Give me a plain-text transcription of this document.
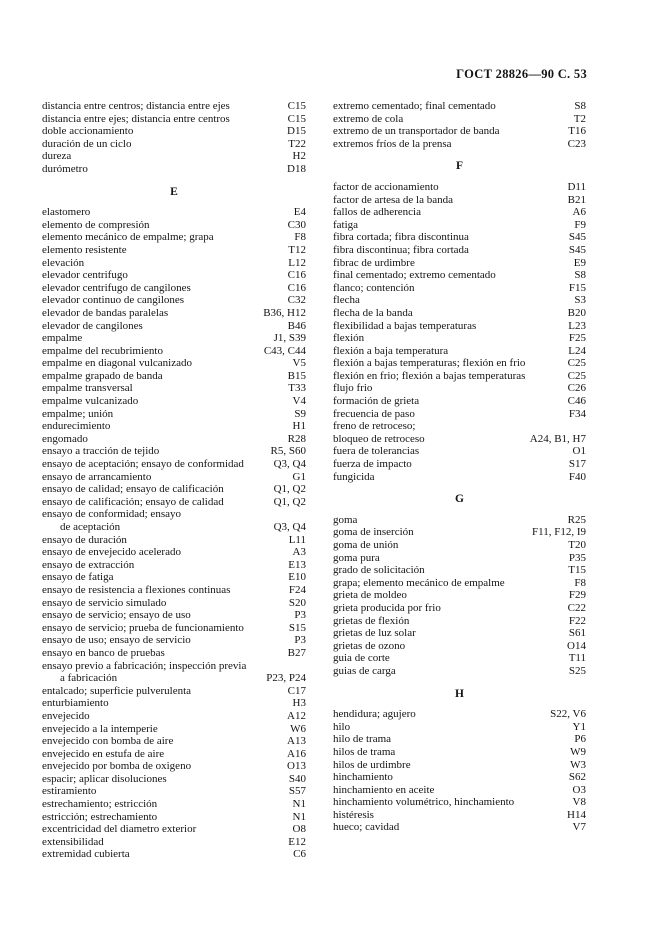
ГОСТ 28826—90 С. 53
distancia entre centros; distancia entre ejes	C15
distancia entre ejes; distancia entre centros	C15
doble accionamiento	D15
duración de un ciclo	T22
dureza	H2
durómetro	D18
E
elastomero	E4
elemento de compresión	C30
elemento mecánico de empalme; grapa	F8
elemento resistente	T12
elevación	L12
elevador centrifugo	C16
elevador centrifugo de cangilones	C16
elevador continuo de cangilones	C32
elevador de bandas paralelas	B36, H12
elevador de cangilones	B46
empalme	J1, S39
empalme del recubrimiento	C43, C44
empalme en diagonal vulcanizado	V5
empalme grapado de banda	B15
empalme transversal	T33
empalme vulcanizado	V4
empalme; unión	S9
endurecimiento	H1
engomado	R28
ensayo a tracción de tejido	R5, S60
ensayo de aceptación; ensayo de conformidad	Q3, Q4
ensayo de arrancamiento	G1
ensayo de calidad; ensayo de calificación	Q1, Q2
ensayo de calificación; ensayo de calidad	Q1, Q2
ensayo de conformidad; ensayo
de aceptación	Q3, Q4
ensayo de duración	L11
ensayo de envejecido acelerado	A3
ensayo de extracción	E13
ensayo de fatiga	E10
ensayo de resistencia a flexiones continuas	F24
ensayo de servicio simulado	S20
ensayo de servicio; ensayo de uso	P3
ensayo de servicio; prueba de funcionamiento	S15
ensayo de uso; ensayo de servicio	P3
ensayo en banco de pruebas	B27
ensayo previo a fabricación; inspección previa
a fabricación	P23, P24
entalcado; superficie pulverulenta	C17
enturbiamiento	H3
envejecido	A12
envejecido a la intemperie	W6
envejecido con bomba de aire	A13
envejecido en estufa de aire	A16
envejecido por bomba de oxigeno	O13
espacir; aplicar disoluciones	S40
estiramiento	S57
estrechamiento; estricción	N1
estricción; estrechamiento	N1
excentricidad del diametro exterior	O8
extensibilidad	E12
extremidad cubierta	C6
extremo cementado; final cementado	S8
extremo de cola	T2
extremo de un transportador de banda	T16
extremos fríos de la prensa	C23
F
factor de accionamiento	D11
factor de artesa de la banda	B21
fallos de adherencia	A6
fatiga	F9
fibra cortada; fibra discontinua	S45
fibra discontinua; fibra cortada	S45
fibrac de urdimbre	E9
final cementado; extremo cementado	S8
flanco; contención	F15
flecha	S3
flecha de la banda	B20
flexibilidad a bajas temperaturas	L23
flexión	F25
flexión a baja temperatura	L24
flexión a bajas temperaturas; flexión en frio	C25
flexión en frio; flexión a bajas temperaturas	C25
flujo frio	C26
formación de grieta	C46
frecuencia de paso	F34
freno de retroceso;
bloqueo de retroceso	A24, B1, H7
fuera de tolerancias	O1
fuerza de impacto	S17
fungicida	F40
G
goma	R25
goma de inserción	F11, F12, I9
goma de unión	T20
goma pura	P35
grado de solicitación	T15
grapa; elemento mecánico de empalme	F8
grieta de moldeo	F29
grieta producida por frio	C22
grietas de flexión	F22
grietas de luz solar	S61
grietas de ozono	O14
guia de corte	T11
guias de carga	S25
H
hendidura; agujero	S22, V6
hilo	Y1
hilo de trama	P6
hilos de trama	W9
hilos de urdimbre	W3
hinchamiento	S62
hinchamiento en aceite	O3
hinchamiento volumétrico, hinchamiento	V8
histéresis	H14
hueco; cavidad	V7
